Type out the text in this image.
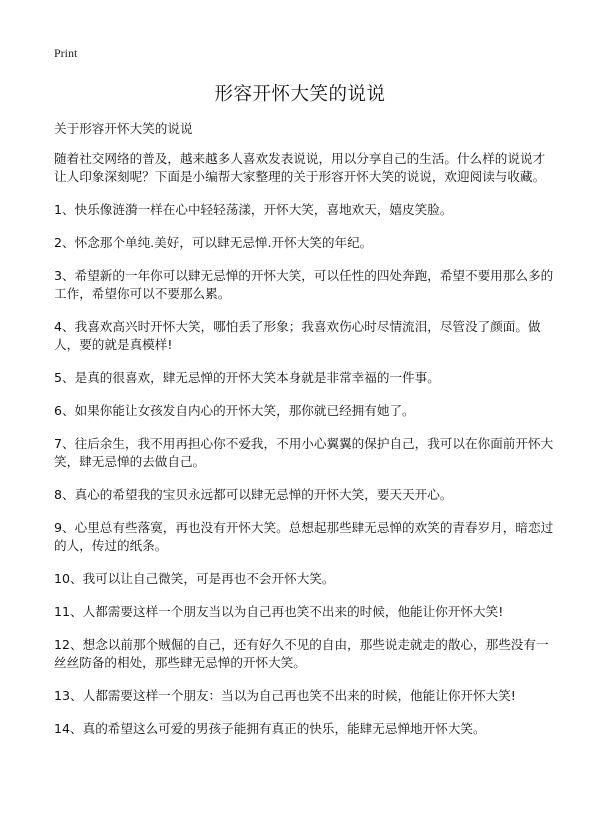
Print
形容开怀大笑的说说

关于形容开怀大笑的说说

随着社交网络的普及，越来越多人喜欢发表说说，用以分享自己的生活。什么样的说说才让人印象深刻呢？下面是小编帮大家整理的关于形容开怀大笑的说说，欢迎阅读与收藏。

1、快乐像涟漪一样在心中轻轻荡漾，开怀大笑，喜地欢天，嬉皮笑脸。
2、怀念那个单纯.美好，可以肆无忌惮.开怀大笑的年纪。
3、希望新的一年你可以肆无忌惮的开怀大笑，可以任性的四处奔跑，希望不要用那么多的工作，希望你可以不要那么累。
4、我喜欢高兴时开怀大笑，哪怕丢了形象；我喜欢伤心时尽情流泪，尽管没了颜面。做人，要的就是真模样!
5、是真的很喜欢，肆无忌惮的开怀大笑本身就是非常幸福的一件事。
6、如果你能让女孩发自内心的开怀大笑，那你就已经拥有她了。
7、往后余生，我不用再担心你不爱我，不用小心翼翼的保护自己，我可以在你面前开怀大笑，肆无忌惮的去做自己。
8、真心的希望我的宝贝永远都可以肆无忌惮的开怀大笑，要天天开心。
9、心里总有些落寞，再也没有开怀大笑。总想起那些肆无忌惮的欢笑的青春岁月，暗恋过的人，传过的纸条。
10、我可以让自己微笑，可是再也不会开怀大笑。
11、人都需要这样一个朋友当以为自己再也笑不出来的时候，他能让你开怀大笑!
12、想念以前那个贼倔的自己，还有好久不见的自由，那些说走就走的散心，那些没有一丝丝防备的相处，那些肆无忌惮的开怀大笑。
13、人都需要这样一个朋友：当以为自己再也笑不出来的时候，他能让你开怀大笑!
14、真的希望这么可爱的男孩子能拥有真正的快乐，能肆无忌惮地开怀大笑。
